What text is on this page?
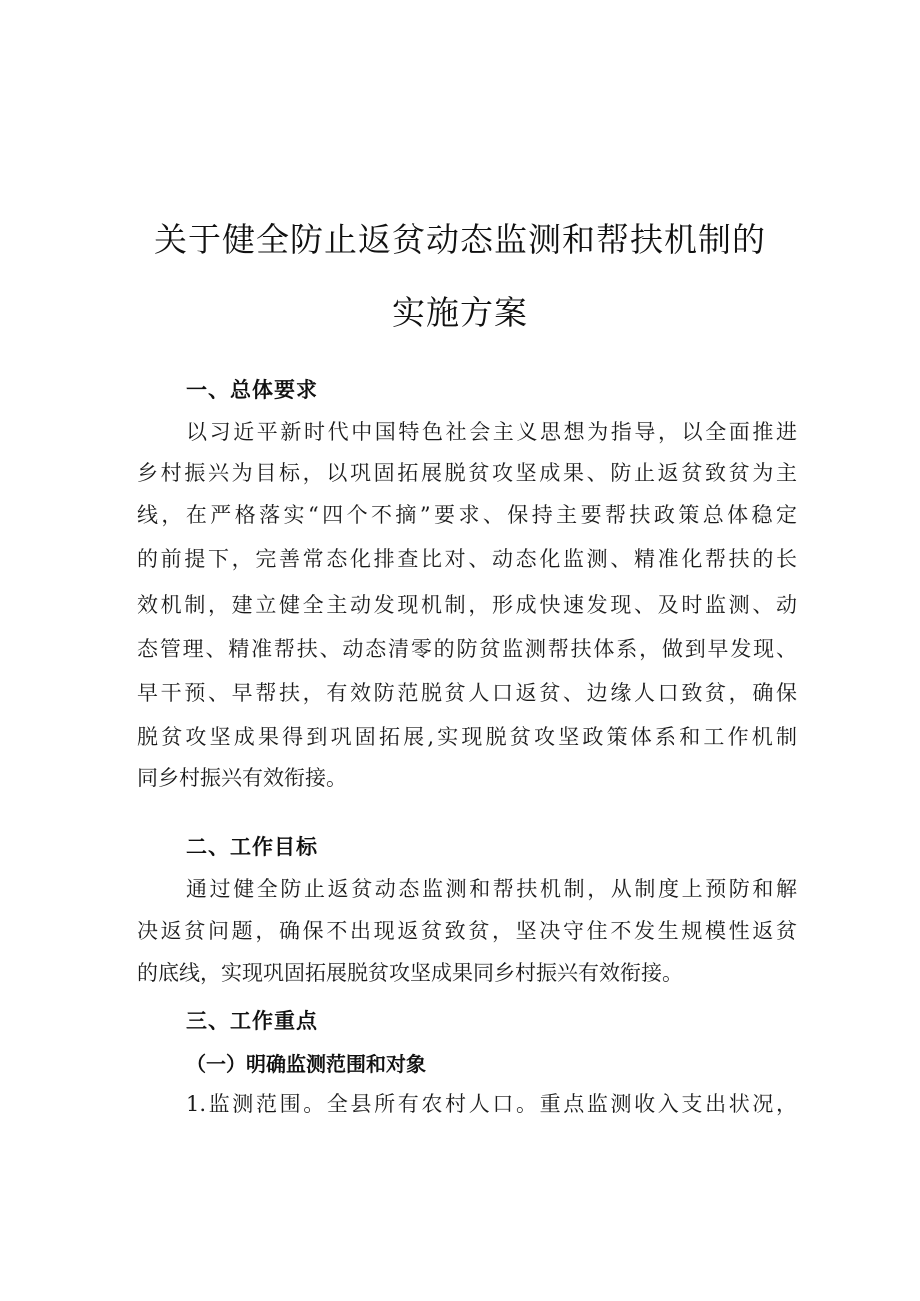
关于健全防止返贫动态监测和帮扶机制的
实施方案
一、总体要求
以习近平新时代中国特色社会主义思想为指导，以全面推进
乡村振兴为目标，以巩固拓展脱贫攻坚成果、防止返贫致贫为主
线，在严格落实“四个不摘”要求、保持主要帮扶政策总体稳定
的前提下，完善常态化排查比对、动态化监测、精准化帮扶的长
效机制，建立健全主动发现机制，形成快速发现、及时监测、动
态管理、精准帮扶、动态清零的防贫监测帮扶体系，做到早发现、
早干预、早帮扶，有效防范脱贫人口返贫、边缘人口致贫，确保
脱贫攻坚成果得到巩固拓展,实现脱贫攻坚政策体系和工作机制
同乡村振兴有效衔接。
二、工作目标
通过健全防止返贫动态监测和帮扶机制，从制度上预防和解
决返贫问题，确保不出现返贫致贫，坚决守住不发生规模性返贫
的底线，实现巩固拓展脱贫攻坚成果同乡村振兴有效衔接。
三、工作重点
（一）明确监测范围和对象
1.监测范围。全县所有农村人口。重点监测收入支出状况，
